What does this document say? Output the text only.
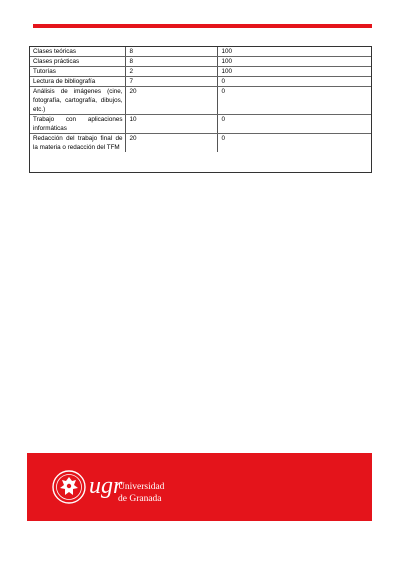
Clases teóricas	8	100
Clases prácticas	8	100
Tutorías	2	100
Lectura de bibliografía	7	0
Análisis de imágenes (cine, fotografía, cartografía, dibujos, etc.)	20	0
Trabajo con aplicaciones informáticas	10	0
Redacción del trabajo final de la materia o redacción del TFM	20	0
ugr
Universidad
de Granada
